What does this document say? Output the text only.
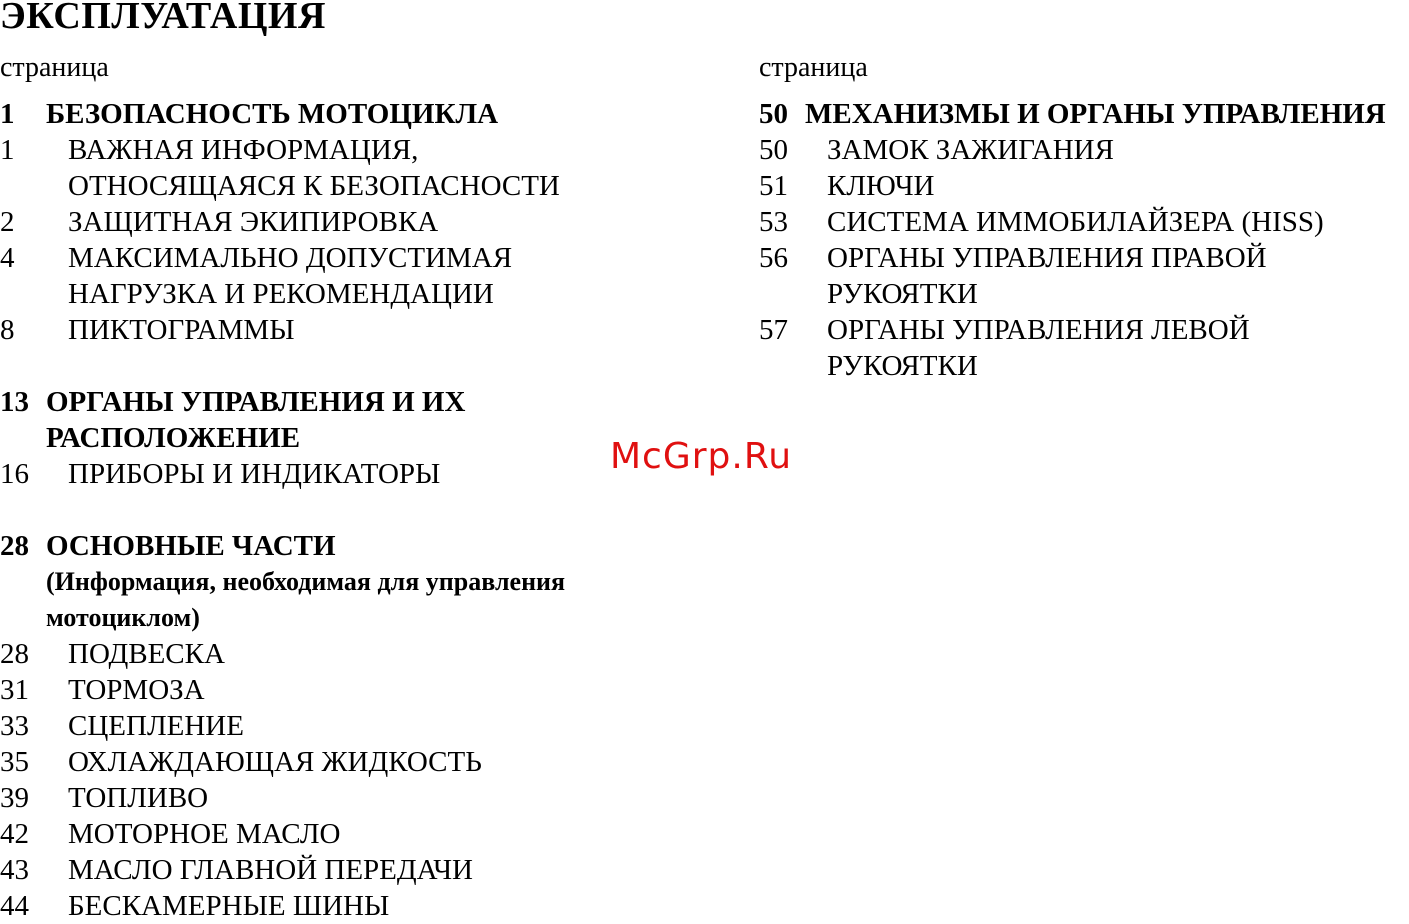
ЭКСПЛУАТАЦИЯ
страница	страница
1 БЕЗОПАСНОСТЬ МОТОЦИКЛА
1 ВАЖНАЯ ИНФОРМАЦИЯ,
ОТНОСЯЩАЯСЯ К БЕЗОПАСНОСТИ
2 ЗАЩИТНАЯ ЭКИПИРОВКА
4 МАКСИМАЛЬНО ДОПУСТИМАЯ
НАГРУЗКА И РЕКОМЕНДАЦИИ
8 ПИКТОГРАММЫ
13 ОРГАНЫ УПРАВЛЕНИЯ И ИХ
РАСПОЛОЖЕНИЕ
16 ПРИБОРЫ И ИНДИКАТОРЫ
28 ОСНОВНЫЕ ЧАСТИ
(Информация, необходимая для управления
мотоциклом)
28 ПОДВЕСКА
31 ТОРМОЗА
33 СЦЕПЛЕНИЕ
35 ОХЛАЖДАЮЩАЯ ЖИДКОСТЬ
39 ТОПЛИВО
42 МОТОРНОЕ МАСЛО
43 МАСЛО ГЛАВНОЙ ПЕРЕДАЧИ
44 БЕСКАМЕРНЫЕ ШИНЫ
50 МЕХАНИЗМЫ И ОРГАНЫ УПРАВЛЕНИЯ
50 ЗАМОК ЗАЖИГАНИЯ
51 КЛЮЧИ
53 СИСТЕМА ИММОБИЛАЙЗЕРА (HISS)
56 ОРГАНЫ УПРАВЛЕНИЯ ПРАВОЙ
РУКОЯТКИ
57 ОРГАНЫ УПРАВЛЕНИЯ ЛЕВОЙ
РУКОЯТКИ
McGrp.Ru
